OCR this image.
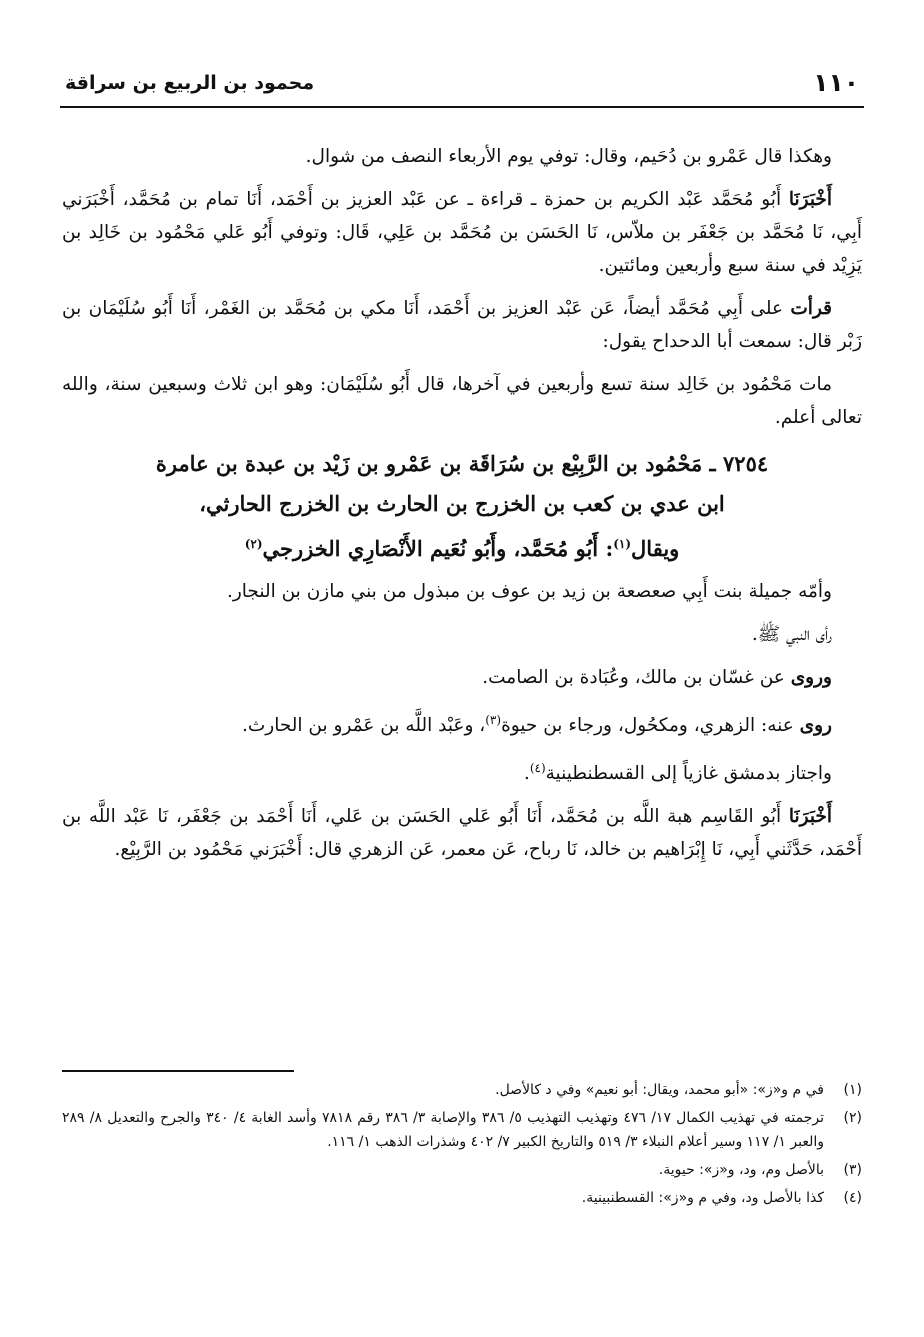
١١٠
محمود بن الربيع بن سراقة

وهكذا قال عَمْرو بن دُحَيم، وقال: توفي يوم الأربعاء النصف من شوال.

أَخْبَرَنَا أَبُو مُحَمَّد عَبْد الكريم بن حمزة ـ قراءة ـ عن عَبْد العزيز بن أَحْمَد، أَنَا تمام بن مُحَمَّد، أَخْبَرَني أَبِي، نَا مُحَمَّد بن جَعْفَر بن ملاّس، نَا الحَسَن بن مُحَمَّد بن عَلِي، قَال: وتوفي أَبُو عَلي مَحْمُود بن خَالِد بن يَزِيْد في سنة سبع وأربعين ومائتين.

قرأت على أَبِي مُحَمَّد أيضاً، عَن عَبْد العزيز بن أَحْمَد، أَنَا مكي بن مُحَمَّد بن الغَمْر، أَنَا أَبُو سُلَيْمَان بن زَبْر قال: سمعت أبا الدحداح يقول:

مات مَحْمُود بن خَالِد سنة تسع وأربعين في آخرها، قال أَبُو سُلَيْمَان: وهو ابن ثلاث وسبعين سنة، والله تعالى أعلم.

٧٢٥٤ ـ مَحْمُود بن الرَّبِيْع بن سُرَاقَة بن عَمْرو بن زَيْد بن عبدة بن عامرة
ابن عدي بن كعب بن الخزرج بن الحارث بن الخزرج الحارثي،
ويقال$^{(١)}$: أَبُو مُحَمَّد، وأَبُو نُعَيم الأَنْصَارِي الخزرجي$^{(٢)}$

وأمّه جميلة بنت أَبِي صعصعة بن زيد بن عوف بن مبذول من بني مازن بن النجار.

رأى النبي ﷺ.

وروى عن غسّان بن مالك، وعُبَادة بن الصامت.

روى عنه: الزهري، ومكحُول، ورجاء بن حيوة$^{(٣)}$، وعَبْد اللَّه بن عَمْرو بن الحارث.

واجتاز بدمشق غازياً إلى القسطنطينية$^{(٤)}$.

أَخْبَرَنَا أَبُو القَاسِم هبة اللَّه بن مُحَمَّد، أَنَا أَبُو عَلي الحَسَن بن عَلي، أَنَا أَحْمَد بن جَعْفَر، نَا عَبْد اللَّه بن أَحْمَد، حَدَّثَني أَبِي، نَا إِبْرَاهيم بن خالد، نَا رباح، عَن معمر، عَن الزهري قال: أَخْبَرَني مَحْمُود بن الرَّبِيْع.

(١)
في م و«ز»: «أبو محمد، ويقال: أبو نعيم» وفي د كالأصل.
(٢)
ترجمته في تهذيب الكمال ١٧/ ٤٧٦ وتهذيب التهذيب ٥/ ٣٨٦ والإصابة ٣/ ٣٨٦ رقم ٧٨١٨ وأسد الغابة ٤/ ٣٤٠ والجرح والتعديل ٨/ ٢٨٩ والعبر ١/ ١١٧ وسير أعلام النبلاء ٣/ ٥١٩ والتاريخ الكبير ٧/ ٤٠٢ وشذرات الذهب ١/ ١١٦.
(٣)
بالأصل وم، ود، و«ز»: حيوية.
(٤)
كذا بالأصل ود، وفي م و«ز»: القسطنبينية.
